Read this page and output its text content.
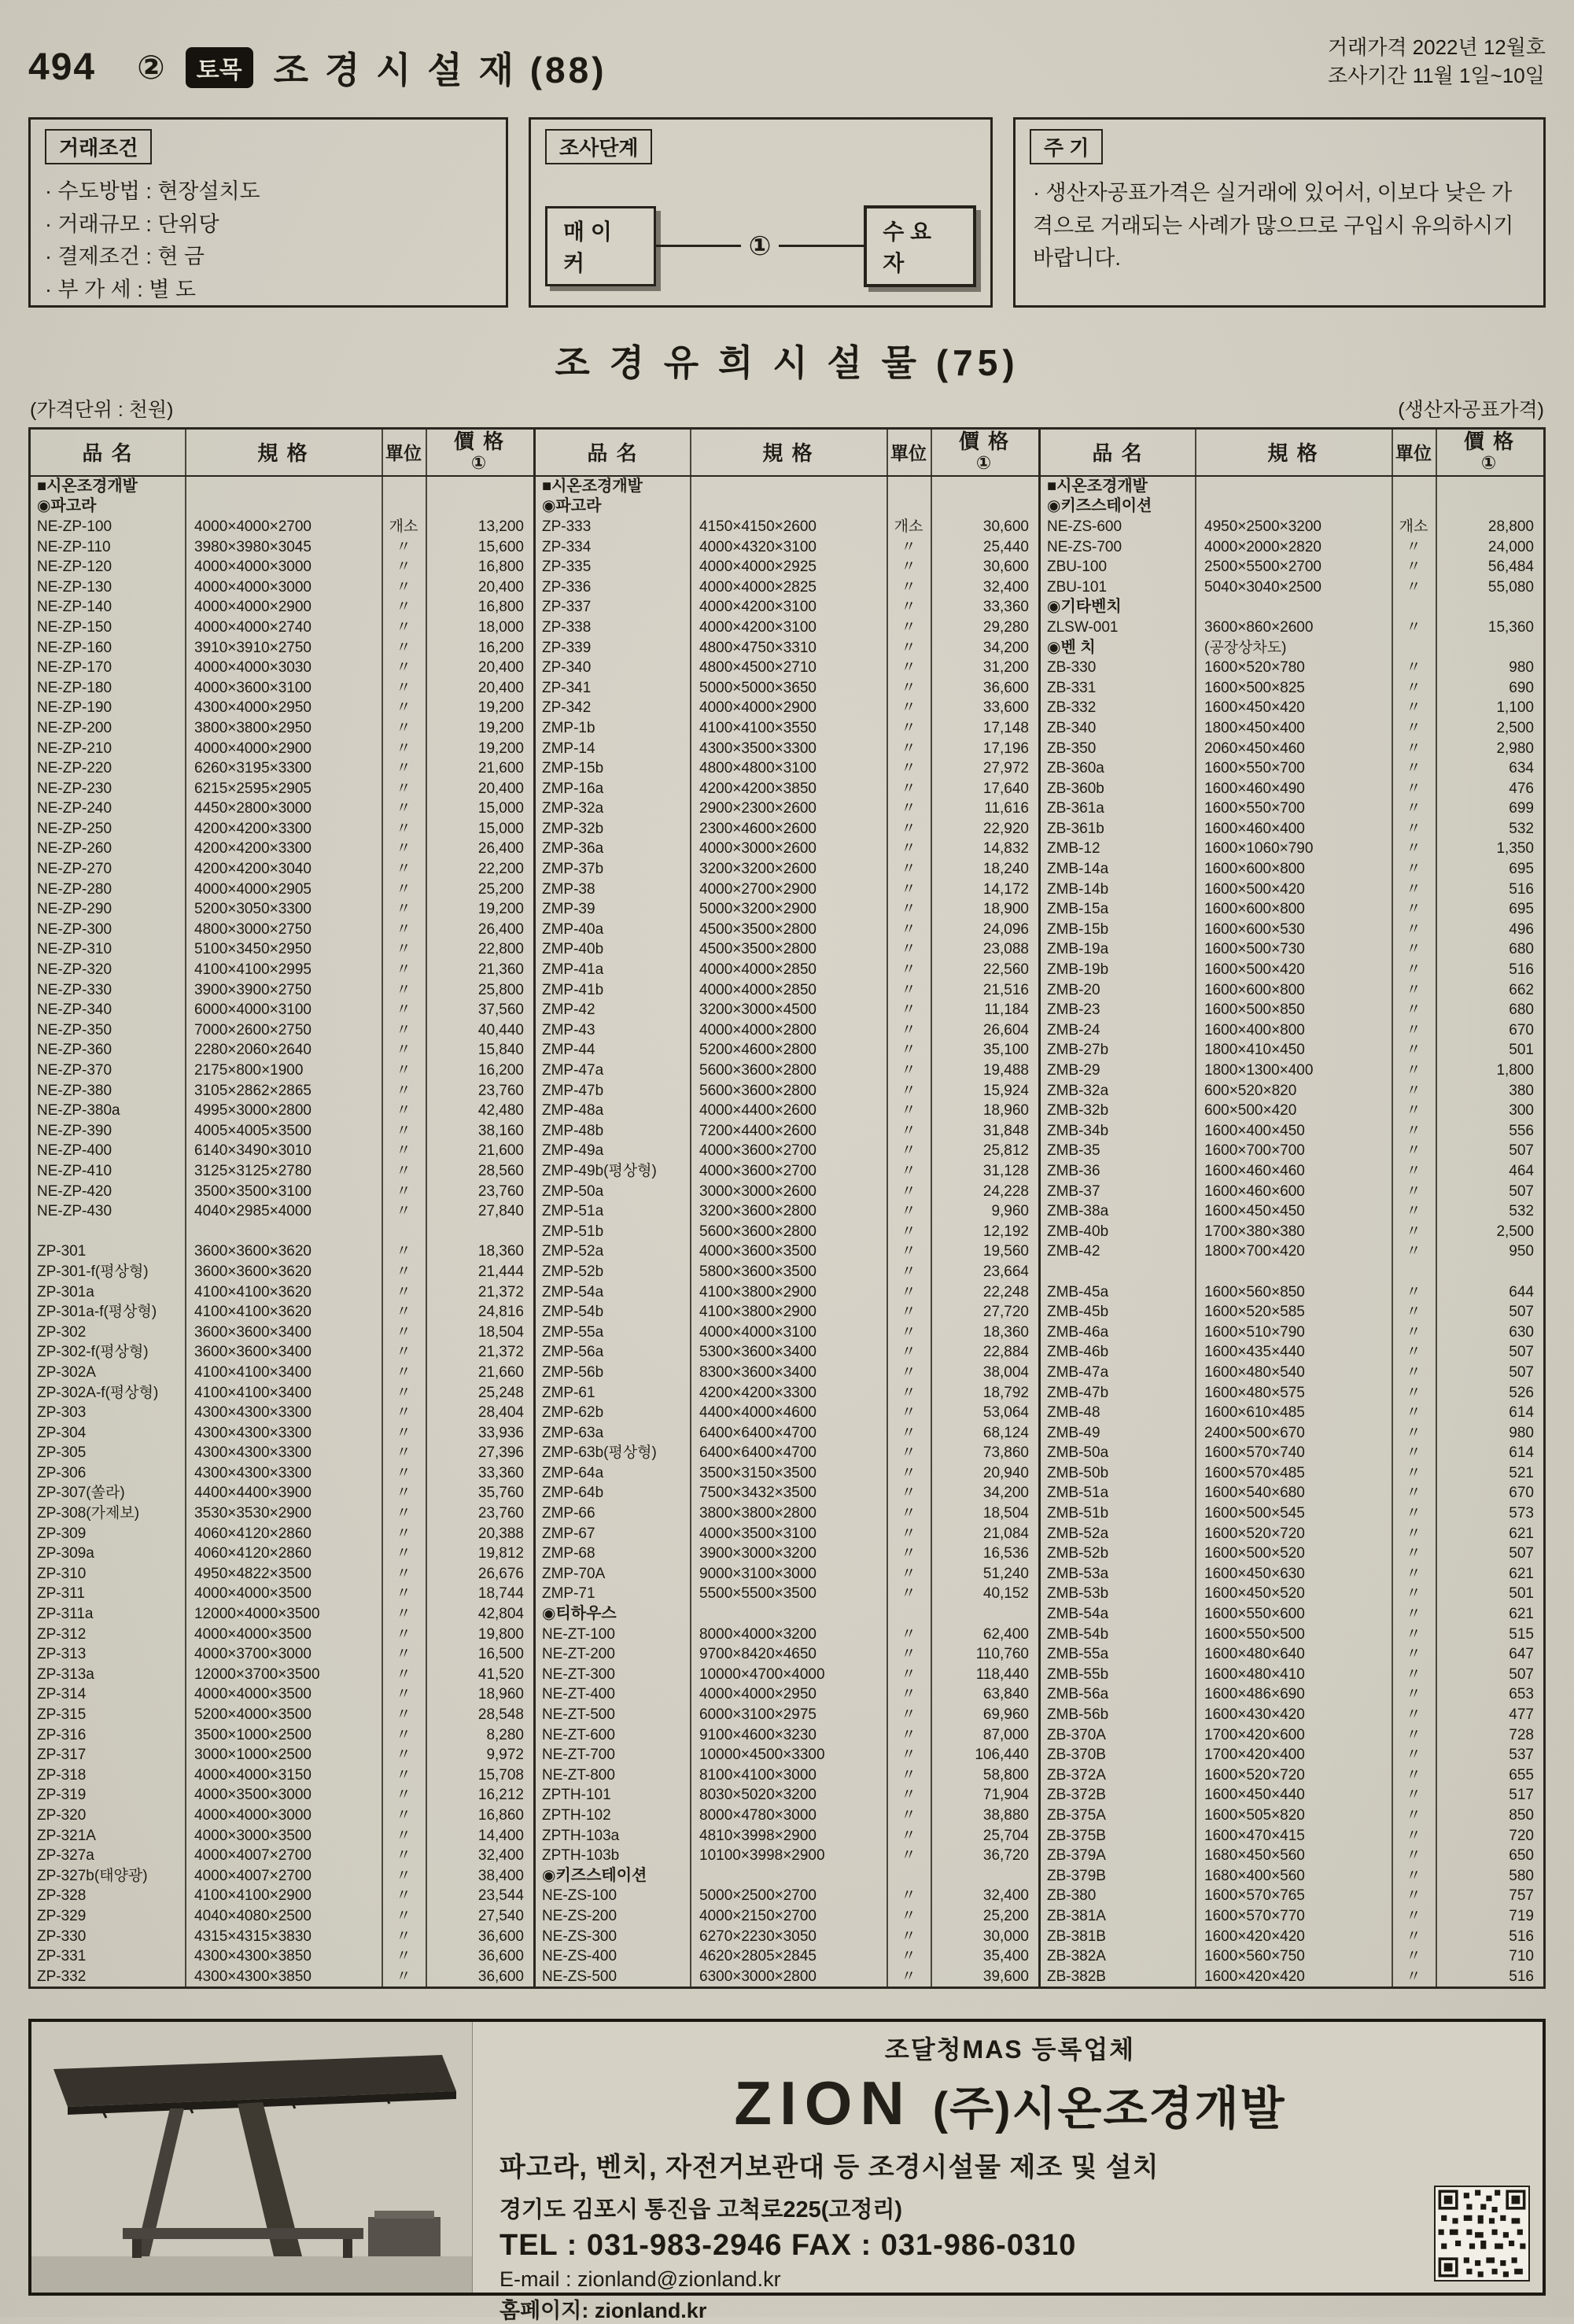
494 ②	토목 조 경 시 설 재 (88)
거래가격 2022년 12월호
조사기간 11월 1일~10일
거래조건
· 수도방법 : 현장설치도
· 거래규모 : 단위당
· 결제조건 : 현 금
· 부 가 세 : 별 도
조사단계
매 이 커
①	수 요 자
주 기

· 생산자공표가격은 실거래에 있어서, 이보다 낮은 가격으로 거래되는 사례가 많으므로 구입시 유의하시기 바랍니다.

조 경 유 희 시 설 물 (75)
(가격단위 : 천원)	(생산자공표가격)
品 名	規 格	單位
價 格
①
■시온조경개발			
◉파고라			
NE-ZP-100	4000×4000×2700	개소	13,200
NE-ZP-110	3980×3980×3045	〃	15,600
NE-ZP-120	4000×4000×3000	〃	16,800
NE-ZP-130	4000×4000×3000	〃	20,400
NE-ZP-140	4000×4000×2900	〃	16,800
NE-ZP-150	4000×4000×2740	〃	18,000
NE-ZP-160	3910×3910×2750	〃	16,200
NE-ZP-170	4000×4000×3030	〃	20,400
NE-ZP-180	4000×3600×3100	〃	20,400
NE-ZP-190	4300×4000×2950	〃	19,200
NE-ZP-200	3800×3800×2950	〃	19,200
NE-ZP-210	4000×4000×2900	〃	19,200
NE-ZP-220	6260×3195×3300	〃	21,600
NE-ZP-230	6215×2595×2905	〃	20,400
NE-ZP-240	4450×2800×3000	〃	15,000
NE-ZP-250	4200×4200×3300	〃	15,000
NE-ZP-260	4200×4200×3300	〃	26,400
NE-ZP-270	4200×4200×3040	〃	22,200
NE-ZP-280	4000×4000×2905	〃	25,200
NE-ZP-290	5200×3050×3300	〃	19,200
NE-ZP-300	4800×3000×2750	〃	26,400
NE-ZP-310	5100×3450×2950	〃	22,800
NE-ZP-320	4100×4100×2995	〃	21,360
NE-ZP-330	3900×3900×2750	〃	25,800
NE-ZP-340	6000×4000×3100	〃	37,560
NE-ZP-350	7000×2600×2750	〃	40,440
NE-ZP-360	2280×2060×2640	〃	15,840
NE-ZP-370	2175×800×1900	〃	16,200
NE-ZP-380	3105×2862×2865	〃	23,760
NE-ZP-380a	4995×3000×2800	〃	42,480
NE-ZP-390	4005×4005×3500	〃	38,160
NE-ZP-400	6140×3490×3010	〃	21,600
NE-ZP-410	3125×3125×2780	〃	28,560
NE-ZP-420	3500×3500×3100	〃	23,760
NE-ZP-430	4040×2985×4000	〃	27,840

ZP-301	3600×3600×3620	〃	18,360
ZP-301-f(평상형)	3600×3600×3620	〃	21,444
ZP-301a	4100×4100×3620	〃	21,372
ZP-301a-f(평상형)	4100×4100×3620	〃	24,816
ZP-302	3600×3600×3400	〃	18,504
ZP-302-f(평상형)	3600×3600×3400	〃	21,372
ZP-302A	4100×4100×3400	〃	21,660
ZP-302A-f(평상형)	4100×4100×3400	〃	25,248
ZP-303	4300×4300×3300	〃	28,404
ZP-304	4300×4300×3300	〃	33,936
ZP-305	4300×4300×3300	〃	27,396
ZP-306	4300×4300×3300	〃	33,360
ZP-307(쏠라)	4400×4400×3900	〃	35,760
ZP-308(가제보)	3530×3530×2900	〃	23,760
ZP-309	4060×4120×2860	〃	20,388
ZP-309a	4060×4120×2860	〃	19,812
ZP-310	4950×4822×3500	〃	26,676
ZP-311	4000×4000×3500	〃	18,744
ZP-311a	12000×4000×3500	〃	42,804
ZP-312	4000×4000×3500	〃	19,800
ZP-313	4000×3700×3000	〃	16,500
ZP-313a	12000×3700×3500	〃	41,520
ZP-314	4000×4000×3500	〃	18,960
ZP-315	5200×4000×3500	〃	28,548
ZP-316	3500×1000×2500	〃	8,280
ZP-317	3000×1000×2500	〃	9,972
ZP-318	4000×4000×3150	〃	15,708
ZP-319	4000×3500×3000	〃	16,212
ZP-320	4000×4000×3000	〃	16,860
ZP-321A	4000×3000×3500	〃	14,400
ZP-327a	4000×4007×2700	〃	32,400
ZP-327b(태양광)	4000×4007×2700	〃	38,400
ZP-328	4100×4100×2900	〃	23,544
ZP-329	4040×4080×2500	〃	27,540
ZP-330	4315×4315×3830	〃	36,600
ZP-331	4300×4300×3850	〃	36,600
ZP-332	4300×4300×3850	〃	36,600
品 名	規 格	單位
價 格
①
■시온조경개발			
◉파고라			
ZP-333	4150×4150×2600	개소	30,600
ZP-334	4000×4320×3100	〃	25,440
ZP-335	4000×4000×2925	〃	30,600
ZP-336	4000×4000×2825	〃	32,400
ZP-337	4000×4200×3100	〃	33,360
ZP-338	4000×4200×3100	〃	29,280
ZP-339	4800×4750×3310	〃	34,200
ZP-340	4800×4500×2710	〃	31,200
ZP-341	5000×5000×3650	〃	36,600
ZP-342	4000×4000×2900	〃	33,600
ZMP-1b	4100×4100×3550	〃	17,148
ZMP-14	4300×3500×3300	〃	17,196
ZMP-15b	4800×4800×3100	〃	27,972
ZMP-16a	4200×4200×3850	〃	17,640
ZMP-32a	2900×2300×2600	〃	11,616
ZMP-32b	2300×4600×2600	〃	22,920
ZMP-36a	4000×3000×2600	〃	14,832
ZMP-37b	3200×3200×2600	〃	18,240
ZMP-38	4000×2700×2900	〃	14,172
ZMP-39	5000×3200×2900	〃	18,900
ZMP-40a	4500×3500×2800	〃	24,096
ZMP-40b	4500×3500×2800	〃	23,088
ZMP-41a	4000×4000×2850	〃	22,560
ZMP-41b	4000×4000×2850	〃	21,516
ZMP-42	3200×3000×4500	〃	11,184
ZMP-43	4000×4000×2800	〃	26,604
ZMP-44	5200×4600×2800	〃	35,100
ZMP-47a	5600×3600×2800	〃	19,488
ZMP-47b	5600×3600×2800	〃	15,924
ZMP-48a	4000×4400×2600	〃	18,960
ZMP-48b	7200×4400×2600	〃	31,848
ZMP-49a	4000×3600×2700	〃	25,812
ZMP-49b(평상형)	4000×3600×2700	〃	31,128
ZMP-50a	3000×3000×2600	〃	24,228
ZMP-51a	3200×3600×2800	〃	9,960
ZMP-51b	5600×3600×2800	〃	12,192
ZMP-52a	4000×3600×3500	〃	19,560
ZMP-52b	5800×3600×3500	〃	23,664
ZMP-54a	4100×3800×2900	〃	22,248
ZMP-54b	4100×3800×2900	〃	27,720
ZMP-55a	4000×4000×3100	〃	18,360
ZMP-56a	5300×3600×3400	〃	22,884
ZMP-56b	8300×3600×3400	〃	38,004
ZMP-61	4200×4200×3300	〃	18,792
ZMP-62b	4400×4000×4600	〃	53,064
ZMP-63a	6400×6400×4700	〃	68,124
ZMP-63b(평상형)	6400×6400×4700	〃	73,860
ZMP-64a	3500×3150×3500	〃	20,940
ZMP-64b	7500×3432×3500	〃	34,200
ZMP-66	3800×3800×2800	〃	18,504
ZMP-67	4000×3500×3100	〃	21,084
ZMP-68	3900×3000×3200	〃	16,536
ZMP-70A	9000×3100×3000	〃	51,240
ZMP-71	5500×5500×3500	〃	40,152
◉티하우스			
NE-ZT-100	8000×4000×3200	〃	62,400
NE-ZT-200	9700×8420×4650	〃	110,760
NE-ZT-300	10000×4700×4000	〃	118,440
NE-ZT-400	4000×4000×2950	〃	63,840
NE-ZT-500	6000×3100×2975	〃	69,960
NE-ZT-600	9100×4600×3230	〃	87,000
NE-ZT-700	10000×4500×3300	〃	106,440
NE-ZT-800	8100×4100×3000	〃	58,800
ZPTH-101	8030×5020×3200	〃	71,904
ZPTH-102	8000×4780×3000	〃	38,880
ZPTH-103a	4810×3998×2900	〃	25,704
ZPTH-103b	10100×3998×2900	〃	36,720
◉키즈스테이션			
NE-ZS-100	5000×2500×2700	〃	32,400
NE-ZS-200	4000×2150×2700	〃	25,200
NE-ZS-300	6270×2230×3050	〃	30,000
NE-ZS-400	4620×2805×2845	〃	35,400
NE-ZS-500	6300×3000×2800	〃	39,600
品 名	規 格	單位
價 格
①
■시온조경개발			
◉키즈스테이션			
NE-ZS-600	4950×2500×3200	개소	28,800
NE-ZS-700	4000×2000×2820	〃	24,000
ZBU-100	2500×5500×2700	〃	56,484
ZBU-101	5040×3040×2500	〃	55,080
◉기타벤치			
ZLSW-001	3600×860×2600	〃	15,360
◉벤 치	(공장상차도)		
ZB-330	1600×520×780	〃	980
ZB-331	1600×500×825	〃	690
ZB-332	1600×450×420	〃	1,100
ZB-340	1800×450×400	〃	2,500
ZB-350	2060×450×460	〃	2,980
ZB-360a	1600×550×700	〃	634
ZB-360b	1600×460×490	〃	476
ZB-361a	1600×550×700	〃	699
ZB-361b	1600×460×400	〃	532
ZMB-12	1600×1060×790	〃	1,350
ZMB-14a	1600×600×800	〃	695
ZMB-14b	1600×500×420	〃	516
ZMB-15a	1600×600×800	〃	695
ZMB-15b	1600×600×530	〃	496
ZMB-19a	1600×500×730	〃	680
ZMB-19b	1600×500×420	〃	516
ZMB-20	1600×600×800	〃	662
ZMB-23	1600×500×850	〃	680
ZMB-24	1600×400×800	〃	670
ZMB-27b	1800×410×450	〃	501
ZMB-29	1800×1300×400	〃	1,800
ZMB-32a	600×520×820	〃	380
ZMB-32b	600×500×420	〃	300
ZMB-34b	1600×400×450	〃	556
ZMB-35	1600×700×700	〃	507
ZMB-36	1600×460×460	〃	464
ZMB-37	1600×460×600	〃	507
ZMB-38a	1600×450×450	〃	532
ZMB-40b	1700×380×380	〃	2,500
ZMB-42	1800×700×420	〃	950

ZMB-45a	1600×560×850	〃	644
ZMB-45b	1600×520×585	〃	507
ZMB-46a	1600×510×790	〃	630
ZMB-46b	1600×435×440	〃	507
ZMB-47a	1600×480×540	〃	507
ZMB-47b	1600×480×575	〃	526
ZMB-48	1600×610×485	〃	614
ZMB-49	2400×500×670	〃	980
ZMB-50a	1600×570×740	〃	614
ZMB-50b	1600×570×485	〃	521
ZMB-51a	1600×540×680	〃	670
ZMB-51b	1600×500×545	〃	573
ZMB-52a	1600×520×720	〃	621
ZMB-52b	1600×500×520	〃	507
ZMB-53a	1600×450×630	〃	621
ZMB-53b	1600×450×520	〃	501
ZMB-54a	1600×550×600	〃	621
ZMB-54b	1600×550×500	〃	515
ZMB-55a	1600×480×640	〃	647
ZMB-55b	1600×480×410	〃	507
ZMB-56a	1600×486×690	〃	653
ZMB-56b	1600×430×420	〃	477
ZB-370A	1700×420×600	〃	728
ZB-370B	1700×420×400	〃	537
ZB-372A	1600×520×720	〃	655
ZB-372B	1600×450×440	〃	517
ZB-375A	1600×505×820	〃	850
ZB-375B	1600×470×415	〃	720
ZB-379A	1680×450×560	〃	650
ZB-379B	1680×400×560	〃	580
ZB-380	1600×570×765	〃	757
ZB-381A	1600×570×770	〃	719
ZB-381B	1600×420×420	〃	516
ZB-382A	1600×560×750	〃	710
ZB-382B	1600×420×420	〃	516
조달청MAS 등록업체
ZION (주)시온조경개발
파고라, 벤치, 자전거보관대 등 조경시설물 제조 및 설치
경기도 김포시 통진읍 고척로225(고정리)
TEL : 031-983-2946 FAX : 031-986-0310
E-mail : zionland@zionland.kr
홈페이지: zionland.kr
